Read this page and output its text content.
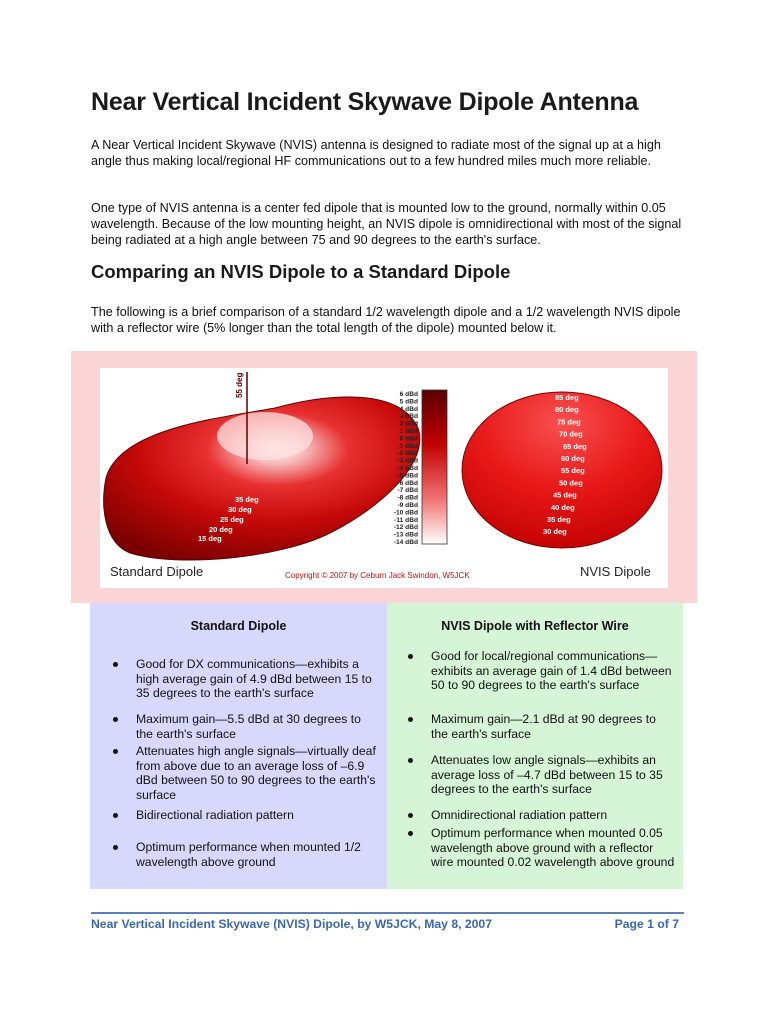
Near Vertical Incident Skywave Dipole Antenna

A Near Vertical Incident Skywave (NVIS) antenna is designed to radiate most of the signal up at a high angle thus making local/regional HF communications out to a few hundred miles much more reliable.

One type of NVIS antenna is a center fed dipole that is mounted low to the ground, normally within 0.05 wavelength. Because of the low mounting height, an NVIS dipole is omnidirectional with most of the signal being radiated at a high angle between 75 and 90 degrees to the earth's surface.

Comparing an NVIS Dipole to a Standard Dipole

The following is a brief comparison of a standard 1/2 wavelength dipole and a 1/2 wavelength NVIS dipole with a reflector wire (5% longer than the total length of the dipole) mounted below it.

55 deg
35 deg
30 deg
25 deg
20 deg
15 deg
6 dBd
5 dBd
4 dBd
3 dBd
2 dBd
1 dBd
0 dBd
-1 dBd
-2 dBd
-3 dBd
-4 dBd
-5 dBd
-6 dBd
-7 dBd
-8 dBd
-9 dBd
-10 dBd
-11 dBd
-12 dBd
-13 dBd
-14 dBd
85 deg
80 deg
75 deg
70 deg
65 deg
60 deg
55 deg
50 deg
45 deg
40 deg
35 deg
30 deg
Standard Dipole	NVIS Dipole
Copyright © 2007 by Ceburn Jack Swindon, W5JCK
Standard Dipole
Good for DX communications—exhibits a high average gain of 4.9 dBd between 15 to 35 degrees to the earth's surface
Maximum gain—5.5 dBd at 30 degrees to the earth's surface
Attenuates high angle signals—virtually deaf from above due to an average loss of –6.9 dBd between 50 to 90 degrees to the earth's surface
Bidirectional radiation pattern
Optimum performance when mounted 1/2 wavelength above ground
NVIS Dipole with Reflector Wire
Good for local/regional communications—exhibits an average gain of 1.4 dBd between 50 to 90 degrees to the earth's surface
Maximum gain—2.1 dBd at 90 degrees to the earth's surface
Attenuates low angle signals—exhibits an average loss of –4.7 dBd between 15 to 35 degrees to the earth's surface
Omnidirectional radiation pattern
Optimum performance when mounted 0.05 wavelength above ground with a reflector wire mounted 0.02 wavelength above ground
Near Vertical Incident Skywave (NVIS) Dipole, by W5JCK, May 8, 2007	Page 1 of 7
